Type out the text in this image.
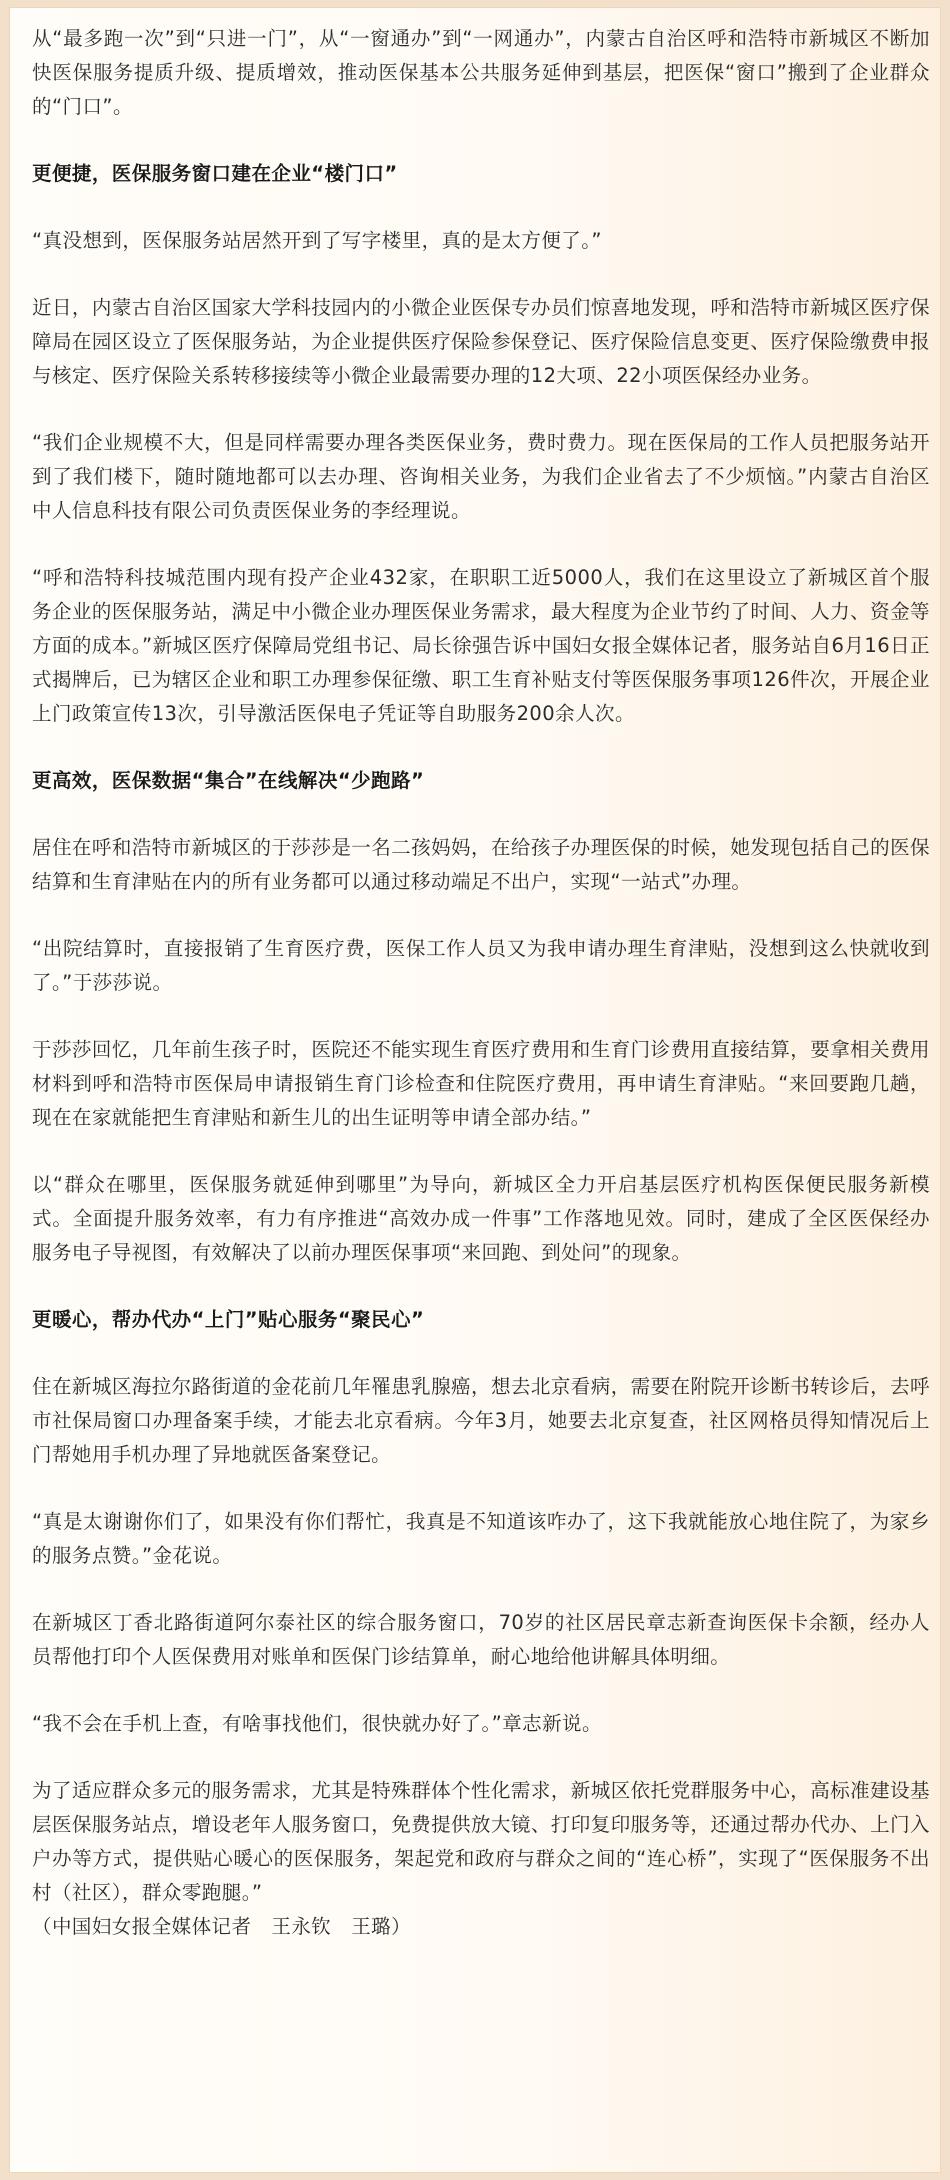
从“最多跑一次”到“只进一门”，从“一窗通办”到“一网通办”，内蒙古自治区呼和浩特市新城区不断加快医保服务提质升级、提质增效，推动医保基本公共服务延伸到基层，把医保“窗口”搬到了企业群众的“门口”。

更便捷，医保服务窗口建在企业“楼门口”

“真没想到，医保服务站居然开到了写字楼里，真的是太方便了。”

近日，内蒙古自治区国家大学科技园内的小微企业医保专办员们惊喜地发现，呼和浩特市新城区医疗保障局在园区设立了医保服务站，为企业提供医疗保险参保登记、医疗保险信息变更、医疗保险缴费申报与核定、医疗保险关系转移接续等小微企业最需要办理的12大项、22小项医保经办业务。

“我们企业规模不大，但是同样需要办理各类医保业务，费时费力。现在医保局的工作人员把服务站开到了我们楼下，随时随地都可以去办理、咨询相关业务，为我们企业省去了不少烦恼。”内蒙古自治区中人信息科技有限公司负责医保业务的李经理说。

“呼和浩特科技城范围内现有投产企业432家，在职职工近5000人，我们在这里设立了新城区首个服务企业的医保服务站，满足中小微企业办理医保业务需求，最大程度为企业节约了时间、人力、资金等方面的成本。”新城区医疗保障局党组书记、局长徐强告诉中国妇女报全媒体记者，服务站自6月16日正式揭牌后，已为辖区企业和职工办理参保征缴、职工生育补贴支付等医保服务事项126件次，开展企业上门政策宣传13次，引导激活医保电子凭证等自助服务200余人次。

更高效，医保数据“集合”在线解决“少跑路”

居住在呼和浩特市新城区的于莎莎是一名二孩妈妈，在给孩子办理医保的时候，她发现包括自己的医保结算和生育津贴在内的所有业务都可以通过移动端足不出户，实现“一站式”办理。

“出院结算时，直接报销了生育医疗费，医保工作人员又为我申请办理生育津贴，没想到这么快就收到了。”于莎莎说。

于莎莎回忆，几年前生孩子时，医院还不能实现生育医疗费用和生育门诊费用直接结算，要拿相关费用材料到呼和浩特市医保局申请报销生育门诊检查和住院医疗费用，再申请生育津贴。“来回要跑几趟，现在在家就能把生育津贴和新生儿的出生证明等申请全部办结。”

以“群众在哪里，医保服务就延伸到哪里”为导向，新城区全力开启基层医疗机构医保便民服务新模式。全面提升服务效率，有力有序推进“高效办成一件事”工作落地见效。同时，建成了全区医保经办服务电子导视图，有效解决了以前办理医保事项“来回跑、到处问”的现象。

更暖心，帮办代办“上门”贴心服务“聚民心”

住在新城区海拉尔路街道的金花前几年罹患乳腺癌，想去北京看病，需要在附院开诊断书转诊后，去呼市社保局窗口办理备案手续，才能去北京看病。今年3月，她要去北京复查，社区网格员得知情况后上门帮她用手机办理了异地就医备案登记。

“真是太谢谢你们了，如果没有你们帮忙，我真是不知道该咋办了，这下我就能放心地住院了，为家乡的服务点赞。”金花说。

在新城区丁香北路街道阿尔泰社区的综合服务窗口，70岁的社区居民章志新查询医保卡余额，经办人员帮他打印个人医保费用对账单和医保门诊结算单，耐心地给他讲解具体明细。

“我不会在手机上查，有啥事找他们，很快就办好了。”章志新说。

为了适应群众多元的服务需求，尤其是特殊群体个性化需求，新城区依托党群服务中心，高标准建设基层医保服务站点，增设老年人服务窗口，免费提供放大镜、打印复印服务等，还通过帮办代办、上门入户办等方式，提供贴心暖心的医保服务，架起党和政府与群众之间的“连心桥”，实现了“医保服务不出村（社区），群众零跑腿。”

（中国妇女报全媒体记者　王永钦　王璐）
